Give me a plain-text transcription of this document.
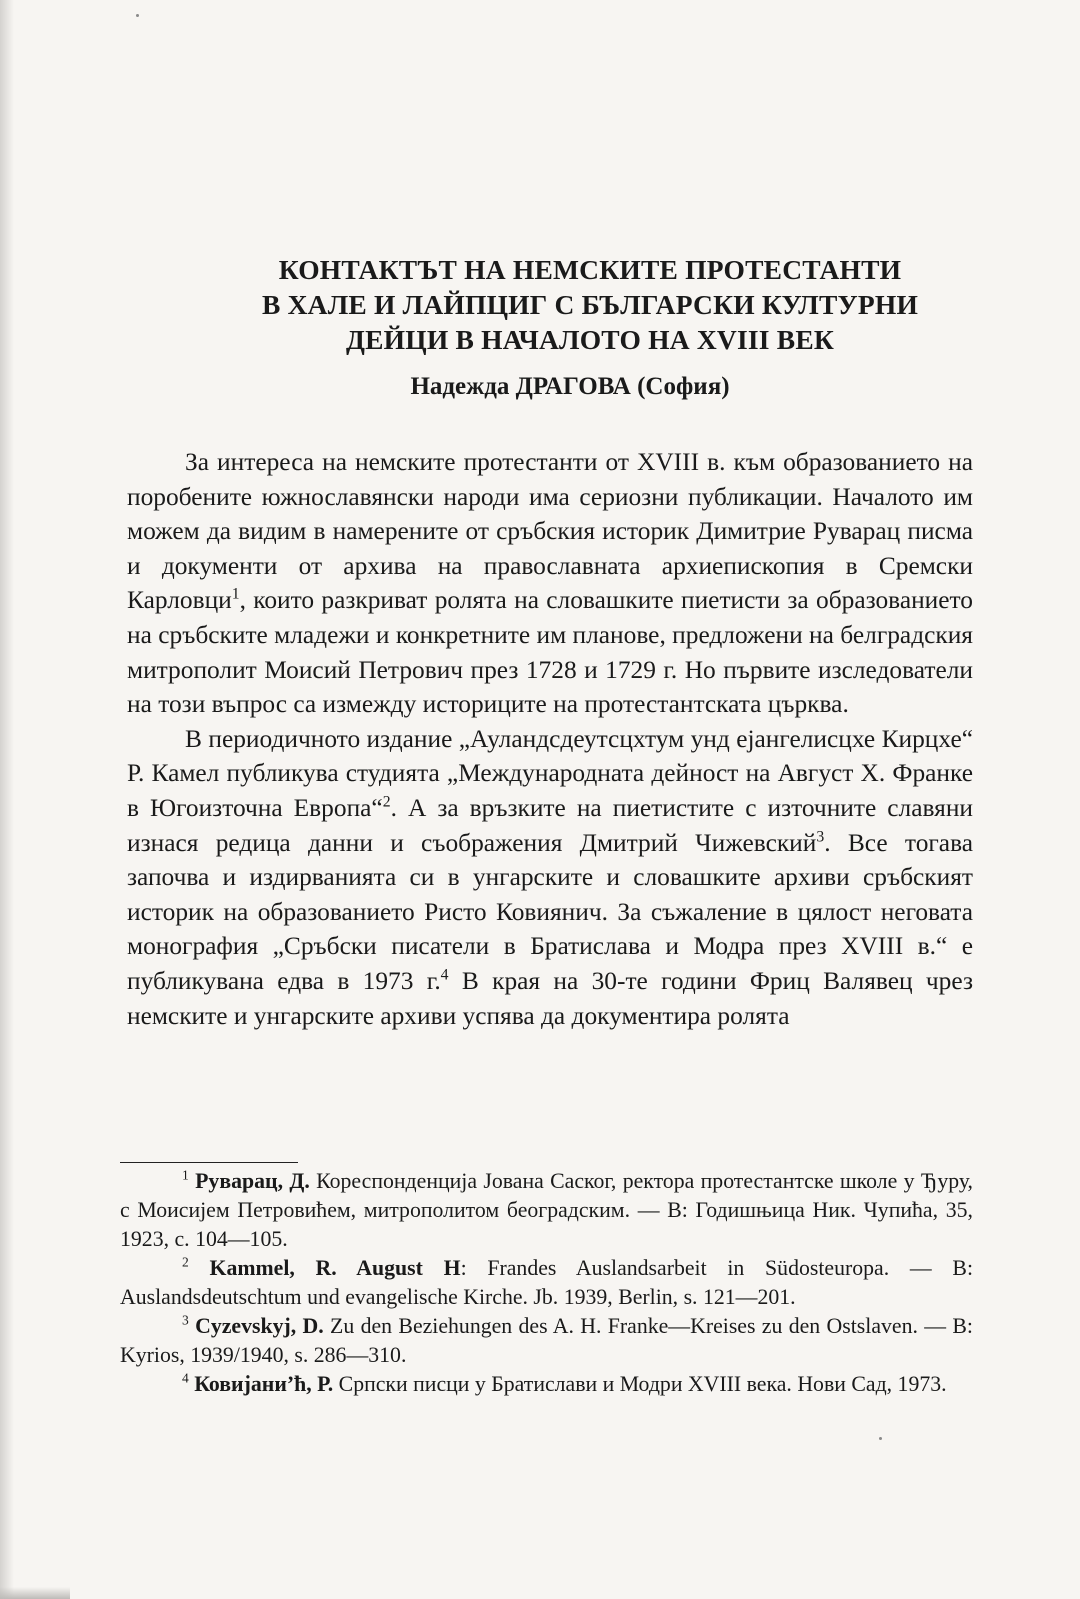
КОНТАКТЪТ НА НЕМСКИТЕ ПРОТЕСТАНТИ
В ХАЛЕ И ЛАЙПЦИГ С БЪЛГАРСКИ КУЛТУРНИ
ДЕЙЦИ В НАЧАЛОТО НА XVIII ВЕК
Надежда ДРАГОВА (София)

За интереса на немските протестанти от XVIII в. към образованието на поробените южнославянски народи има сериозни публикации. Началото им можем да видим в намерените от сръбския историк Димитрие Руварац писма и документи от архива на православната архиепископия в Сремски Карловци$^1$, които разкриват ролята на словашките пиетисти за образованието на сръбските младежи и конкретните им планове, предложени на белградския митрополит Моисий Петрович през 1728 и 1729 г. Но първите изследователи на този въпрос са измежду историците на протестантската църква.

В периодичното издание „Ауландсдеутсцхтум унд еjангелисцхе Кирцхе“ Р. Камел публикува студията „Международната дейност на Август Х. Франке в Югоизточна Европа“$^2$. А за връзките на пиетистите с източните славяни изнася редица данни и съображения Дмитрий Чижевский$^3$. Все тогава започва и издирванията си в унгарските и словашките архиви сръбският историк на образованието Ристо Ковиянич. За съжаление в цялост неговата монография „Сръбски писатели в Братислава и Модра през XVIII в.“ е публикувана едва в 1973 г.$^4$ В края на 30-те години Фриц Валявец чрез немските и унгарските архиви успява да документира ролята

$^1$ Руварац, Д. Кореспонденција Јована Саског, ректора протестантске школе у Ђуру, с Моисијем Петровићем, митрополитом београдским. — В: Годишњица Ник. Чупића, 35, 1923, с. 104—105.

$^2$ Kammel, R. August H: Frandes Auslandsarbeit in Südosteuropa. — В: Auslandsdeutschtum und evangelische Kirche. Jb. 1939, Berlin, s. 121—201.

$^3$ Cyzevskyj, D. Zu den Beziehungen des A. H. Franke—Kreises zu den Ostslaven. — В: Kyrios, 1939/1940, s. 286—310.

$^4$ Ковијани’ћ, Р. Српски писци у Братислави и Модри XVIII века. Нови Сад, 1973.
